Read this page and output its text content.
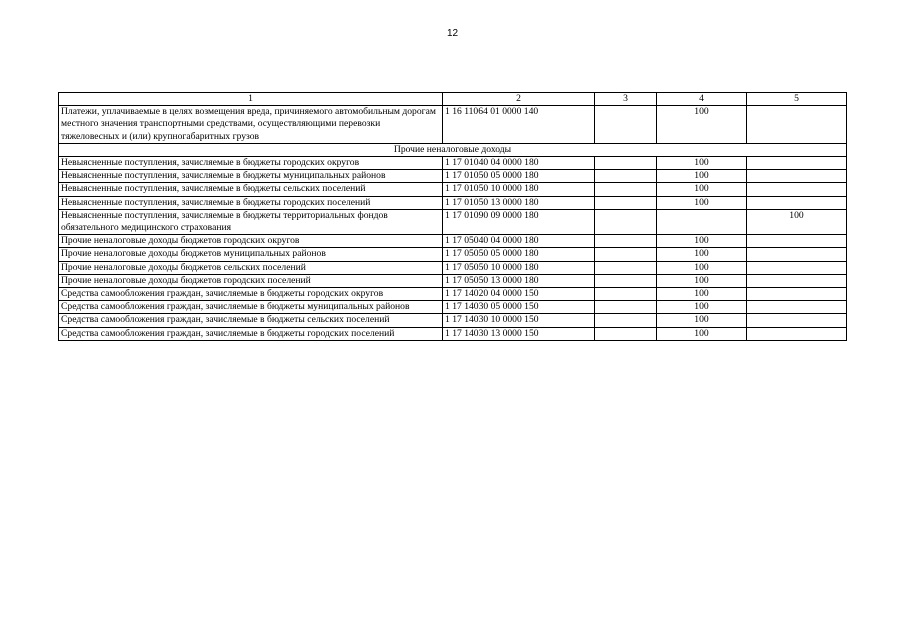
12
1	2	3	4	5
Платежи, уплачиваемые в целях возмещения вреда, причиняемого автомобильным дорогам местного значения транспортными средствами, осуществляющими перевозки тяжеловесных и (или) крупногабаритных грузов	1 16 11064 01 0000 140		100	
Прочие неналоговые доходы				
Невыясненные поступления, зачисляемые в бюджеты городских округов	1 17 01040 04 0000 180		100	
Невыясненные поступления, зачисляемые в бюджеты муниципальных районов	1 17 01050 05 0000 180		100	
Невыясненные поступления, зачисляемые в бюджеты сельских поселений	1 17 01050 10 0000 180		100	
Невыясненные поступления, зачисляемые в бюджеты городских поселений	1 17 01050 13 0000 180		100	
Невыясненные поступления, зачисляемые в бюджеты территориальных фондов обязательного медицинского страхования	1 17 01090 09 0000 180			100
Прочие неналоговые доходы бюджетов городских округов	1 17 05040 04 0000 180		100	
Прочие неналоговые доходы бюджетов муниципальных районов	1 17 05050 05 0000 180		100	
Прочие неналоговые доходы бюджетов сельских поселений	1 17 05050 10 0000 180		100	
Прочие неналоговые доходы бюджетов городских поселений	1 17 05050 13 0000 180		100	
Средства самообложения граждан, зачисляемые в бюджеты городских округов	1 17 14020 04 0000 150		100	
Средства самообложения граждан, зачисляемые в бюджеты муниципальных районов	1 17 14030 05 0000 150		100	
Средства самообложения граждан, зачисляемые в бюджеты сельских поселений	1 17 14030 10 0000 150		100	
Средства самообложения граждан, зачисляемые в бюджеты городских поселений	1 17 14030 13 0000 150		100	
